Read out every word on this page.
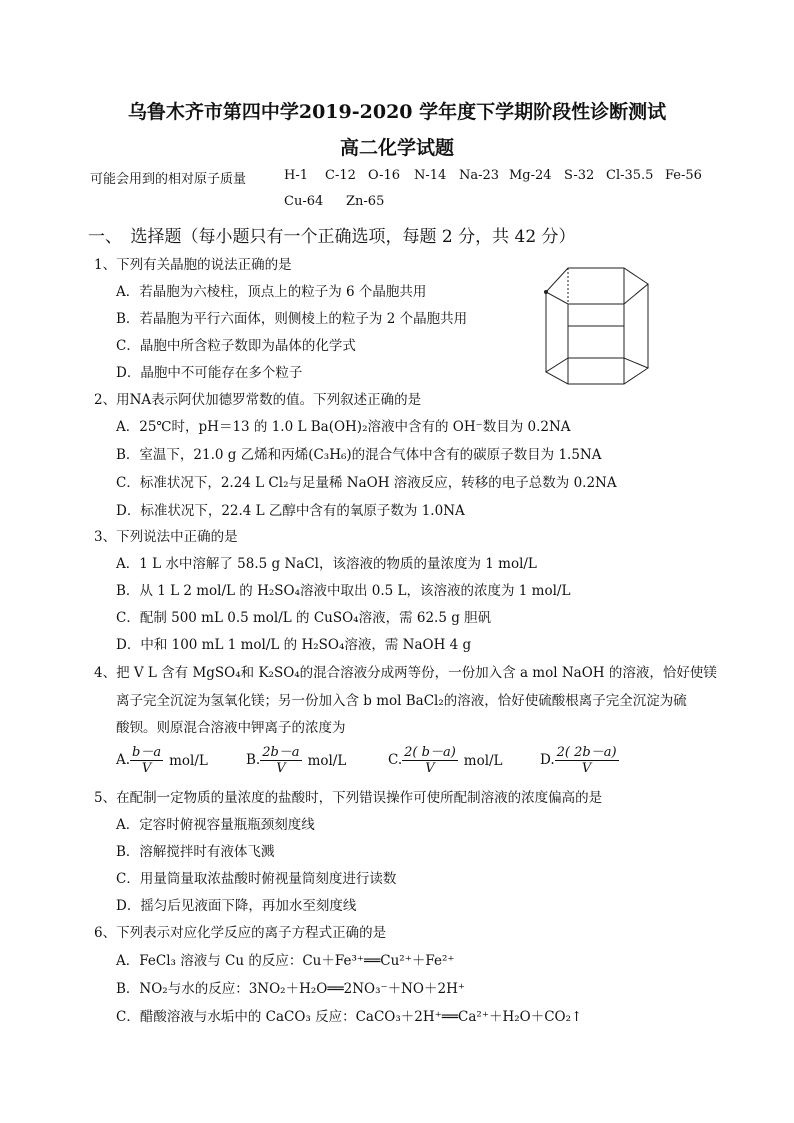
乌鲁木齐市第四中学2019-2020 学年度下学期阶段性诊断测试
高二化学试题
可能会用到的相对原子质量	H-1 C-12 O-16 N-14 Na-23 Mg-24 S-32 Cl-35.5 Fe-56
Cu-64 Zn-65
一、　选择题（每小题只有一个正确选项，每题 2 分，共 42 分）
1、下列有关晶胞的说法正确的是
A．若晶胞为六棱柱，顶点上的粒子为 6 个晶胞共用
B．若晶胞为平行六面体，则侧棱上的粒子为 2 个晶胞共用
C．晶胞中所含粒子数即为晶体的化学式
D．晶胞中不可能存在多个粒子
2、用NA表示阿伏加德罗常数的值。下列叙述正确的是
A．25℃时，pH＝13 的 1.0 L Ba(OH)₂溶液中含有的 OH⁻数目为 0.2NA
B．室温下，21.0 g 乙烯和丙烯(C₃H₆)的混合气体中含有的碳原子数目为 1.5NA
C．标准状况下，2.24 L Cl₂与足量稀 NaOH 溶液反应，转移的电子总数为 0.2NA
D．标准状况下，22.4 L 乙醇中含有的氧原子数为 1.0NA
3、下列说法中正确的是
A．1 L 水中溶解了 58.5 g NaCl，该溶液的物质的量浓度为 1 mol/L
B．从 1 L 2 mol/L 的 H₂SO₄溶液中取出 0.5 L，该溶液的浓度为 1 mol/L
C．配制 500 mL 0.5 mol/L 的 CuSO₄溶液，需 62.5 g 胆矾
D．中和 100 mL 1 mol/L 的 H₂SO₄溶液，需 NaOH 4 g
4、把 V L 含有 MgSO₄和 K₂SO₄的混合溶液分成两等份，一份加入含 a mol NaOH 的溶液，恰好使镁
离子完全沉淀为氢氧化镁；另一份加入含 b mol BaCl₂的溶液，恰好使硫酸根离子完全沉淀为硫
酸钡。则原混合溶液中钾离子的浓度为
A. $\frac{b-a}{V} mol/L$	B. $\frac{2b-a}{V} mol/L$	C. $\frac{2( b-a)}{V} mol/L$	D. $\frac{2( 2b-a)}{V}$
5、在配制一定物质的量浓度的盐酸时，下列错误操作可使所配制溶液的浓度偏高的是
A．定容时俯视容量瓶瓶颈刻度线
B．溶解搅拌时有液体飞溅
C．用量筒量取浓盐酸时俯视量筒刻度进行读数
D．摇匀后见液面下降，再加水至刻度线
6、下列表示对应化学反应的离子方程式正确的是
A．FeCl₃ 溶液与 Cu 的反应：Cu＋Fe³⁺══Cu²⁺＋Fe²⁺
B．NO₂与水的反应：3NO₂＋H₂O══2NO₃⁻＋NO＋2H⁺
C．醋酸溶液与水垢中的 CaCO₃ 反应：CaCO₃＋2H⁺══Ca²⁺＋H₂O＋CO₂↑
